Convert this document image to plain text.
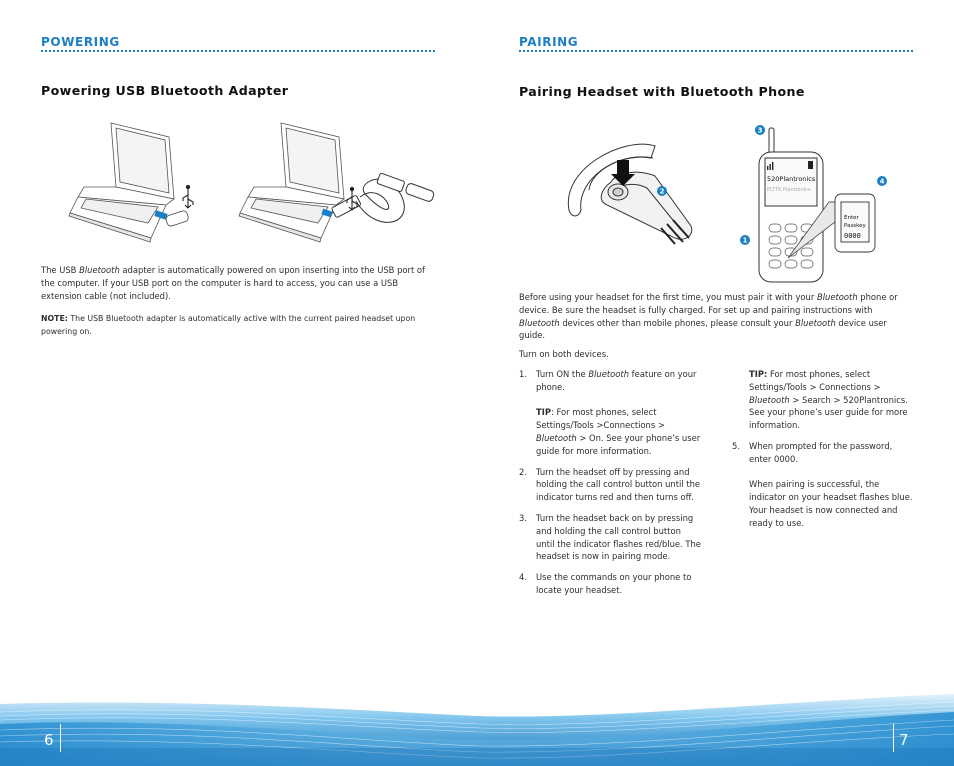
POWERING
Powering USB Bluetooth Adapter

The USB Bluetooth adapter is automatically powered on upon inserting into the USB port of the computer. If your USB port on the computer is hard to access, you can use a USB extension cable (not included).

NOTE: The USB Bluetooth adapter is automatically active with the current paired headset upon powering on.

PAIRING
Pairing Headset with Bluetooth Phone
520Plantronics
PLTTK Plantronics
Enter
Passkey
0000
1
2
3
4

Before using your headset for the first time, you must pair it with your Bluetooth phone or device. Be sure the headset is fully charged. For set up and pairing instructions with Bluetooth devices other than mobile phones, please consult your Bluetooth device user guide.

Turn on both devices.
1. Turn ON the Bluetooth feature on your phone.

TIP: For most phones, select Settings/Tools >Connections > Bluetooth > On. See your phone’s user guide for more information.

2. Turn the headset off by pressing and holding the call control button until the indicator turns red and then turns off.

3. Turn the headset back on by pressing and holding the call control button until the indicator flashes red/blue. The headset is now in pairing mode.

4. Use the commands on your phone to locate your headset.

TIP: For most phones, select Settings/Tools > Connections > Bluetooth > Search > 520Plantronics. See your phone’s user guide for more information.

5. When prompted for the password, enter 0000.

When pairing is successful, the indicator on your headset flashes blue. Your headset is now connected and ready to use.

6	7
